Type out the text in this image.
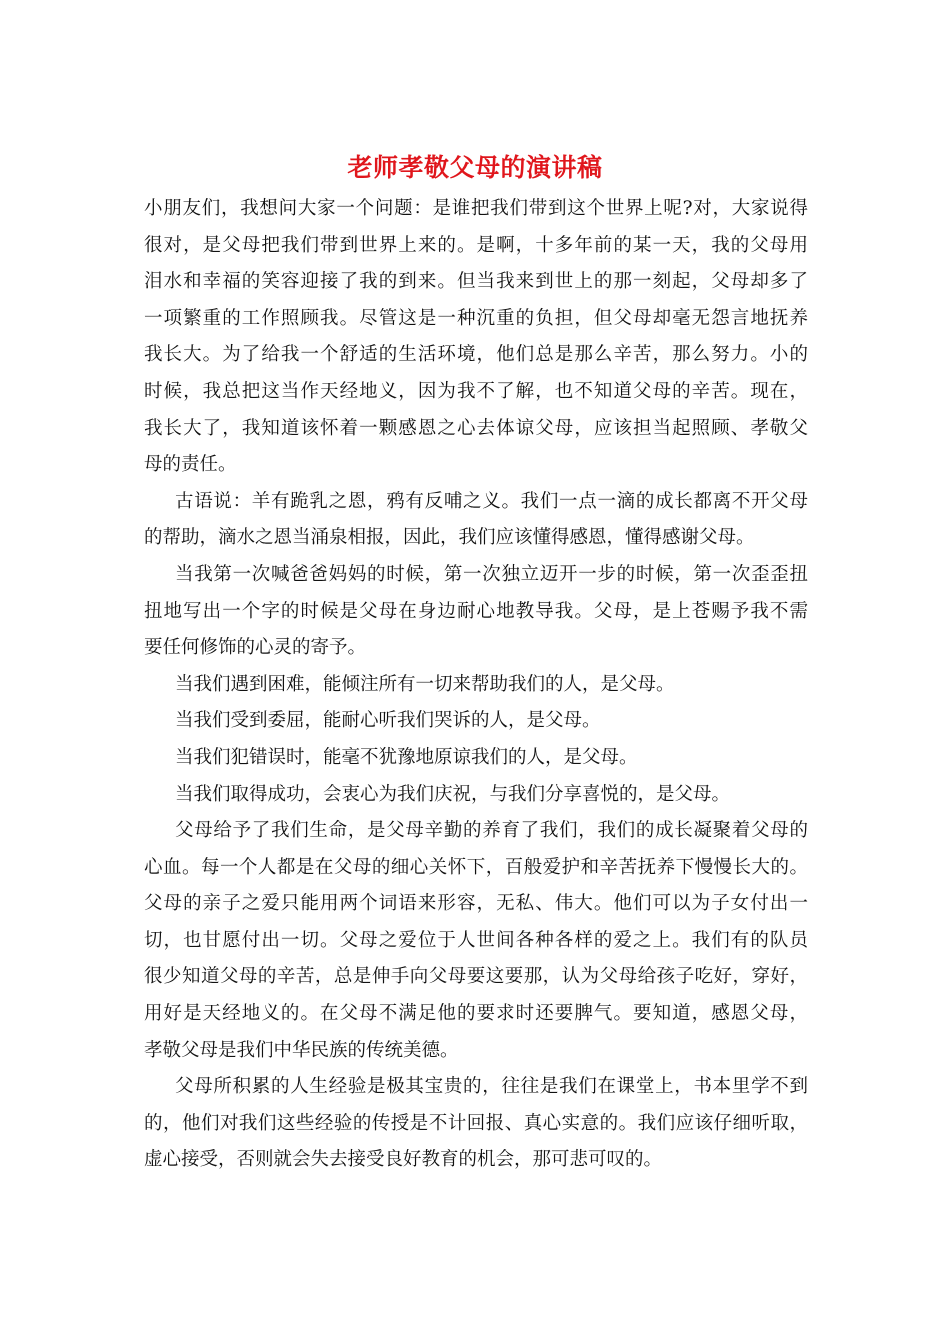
老师孝敬父母的演讲稿
小朋友们，我想问大家一个问题：是谁把我们带到这个世界上呢?对，大家说得
很对，是父母把我们带到世界上来的。是啊，十多年前的某一天，我的父母用
泪水和幸福的笑容迎接了我的到来。但当我来到世上的那一刻起，父母却多了
一项繁重的工作照顾我。尽管这是一种沉重的负担，但父母却毫无怨言地抚养
我长大。为了给我一个舒适的生活环境，他们总是那么辛苦，那么努力。小的
时候，我总把这当作天经地义，因为我不了解，也不知道父母的辛苦。现在，
我长大了，我知道该怀着一颗感恩之心去体谅父母，应该担当起照顾、孝敬父
母的责任。
古语说：羊有跪乳之恩，鸦有反哺之义。我们一点一滴的成长都离不开父母
的帮助，滴水之恩当涌泉相报，因此，我们应该懂得感恩，懂得感谢父母。
当我第一次喊爸爸妈妈的时候，第一次独立迈开一步的时候，第一次歪歪扭
扭地写出一个字的时候是父母在身边耐心地教导我。父母，是上苍赐予我不需
要任何修饰的心灵的寄予。
当我们遇到困难，能倾注所有一切来帮助我们的人，是父母。
当我们受到委屈，能耐心听我们哭诉的人，是父母。
当我们犯错误时，能毫不犹豫地原谅我们的人，是父母。
当我们取得成功，会衷心为我们庆祝，与我们分享喜悦的，是父母。
父母给予了我们生命，是父母辛勤的养育了我们，我们的成长凝聚着父母的
心血。每一个人都是在父母的细心关怀下，百般爱护和辛苦抚养下慢慢长大的。
父母的亲子之爱只能用两个词语来形容，无私、伟大。他们可以为子女付出一
切，也甘愿付出一切。父母之爱位于人世间各种各样的爱之上。我们有的队员
很少知道父母的辛苦，总是伸手向父母要这要那，认为父母给孩子吃好，穿好，
用好是天经地义的。在父母不满足他的要求时还要脾气。要知道，感恩父母，
孝敬父母是我们中华民族的传统美德。
父母所积累的人生经验是极其宝贵的，往往是我们在课堂上，书本里学不到
的，他们对我们这些经验的传授是不计回报、真心实意的。我们应该仔细听取，
虚心接受，否则就会失去接受良好教育的机会，那可悲可叹的。
